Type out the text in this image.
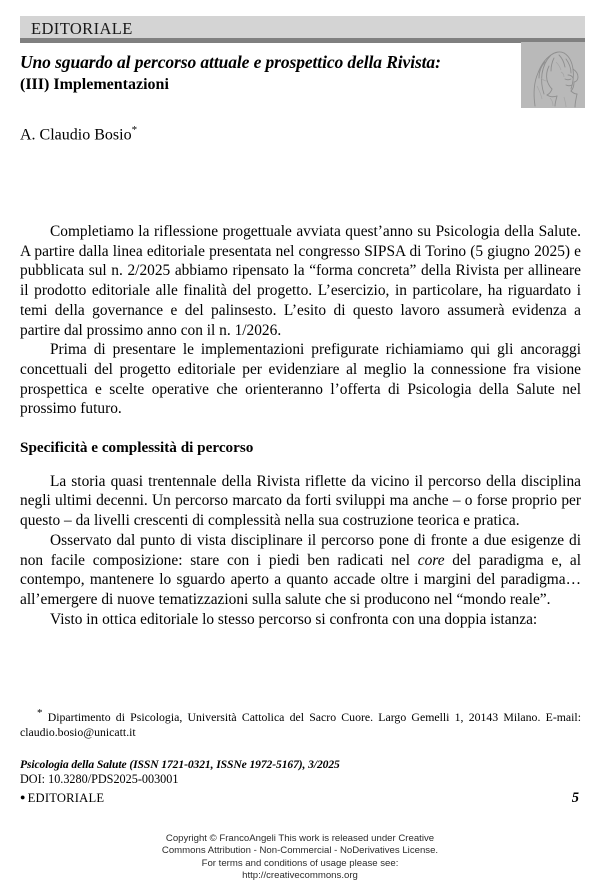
EDITORIALE
Uno sguardo al percorso attuale e prospettico della Rivista:
(III) Implementazioni
A. Claudio Bosio*

Completiamo la riflessione progettuale avviata quest’anno su Psicologia della Salute. A partire dalla linea editoriale presentata nel congresso SIPSA di Torino (5 giugno 2025) e pubblicata sul n. 2/2025 abbiamo ripensato la “forma concreta” della Rivista per allineare il prodotto editoriale alle finalità del progetto. L’esercizio, in particolare, ha riguardato i temi della governance e del palinsesto. L’esito di questo lavoro assumerà evidenza a partire dal prossimo anno con il n. 1/2026.

Prima di presentare le implementazioni prefigurate richiamiamo qui gli ancoraggi concettuali del progetto editoriale per evidenziare al meglio la connessione fra visione prospettica e scelte operative che orienteranno l’offerta di Psicologia della Salute nel prossimo futuro.

Specificità e complessità di percorso

La storia quasi trentennale della Rivista riflette da vicino il percorso della disciplina negli ultimi decenni. Un percorso marcato da forti sviluppi ma anche – o forse proprio per questo – da livelli crescenti di complessità nella sua costruzione teorica e pratica.

Osservato dal punto di vista disciplinare il percorso pone di fronte a due esigenze di non facile composizione: stare con i piedi ben radicati nel core del paradigma e, al contempo, mantenere lo sguardo aperto a quanto accade oltre i margini del paradigma…all’emergere di nuove tematizzazioni sulla salute che si producono nel “mondo reale”.

Visto in ottica editoriale lo stesso percorso si confronta con una doppia istanza:

* Dipartimento di Psicologia, Università Cattolica del Sacro Cuore. Largo Gemelli 1, 20143 Milano. E-mail: claudio.bosio@unicatt.it
Psicologia della Salute (ISSN 1721-0321, ISSNe 1972-5167), 3/2025
DOI: 10.3280/PDS2025-003001
● EDITORIALE	5
Copyright © FrancoAngeli This work is released under Creative
Commons Attribution - Non-Commercial - NoDerivatives License.
For terms and conditions of usage please see:
http://creativecommons.org
